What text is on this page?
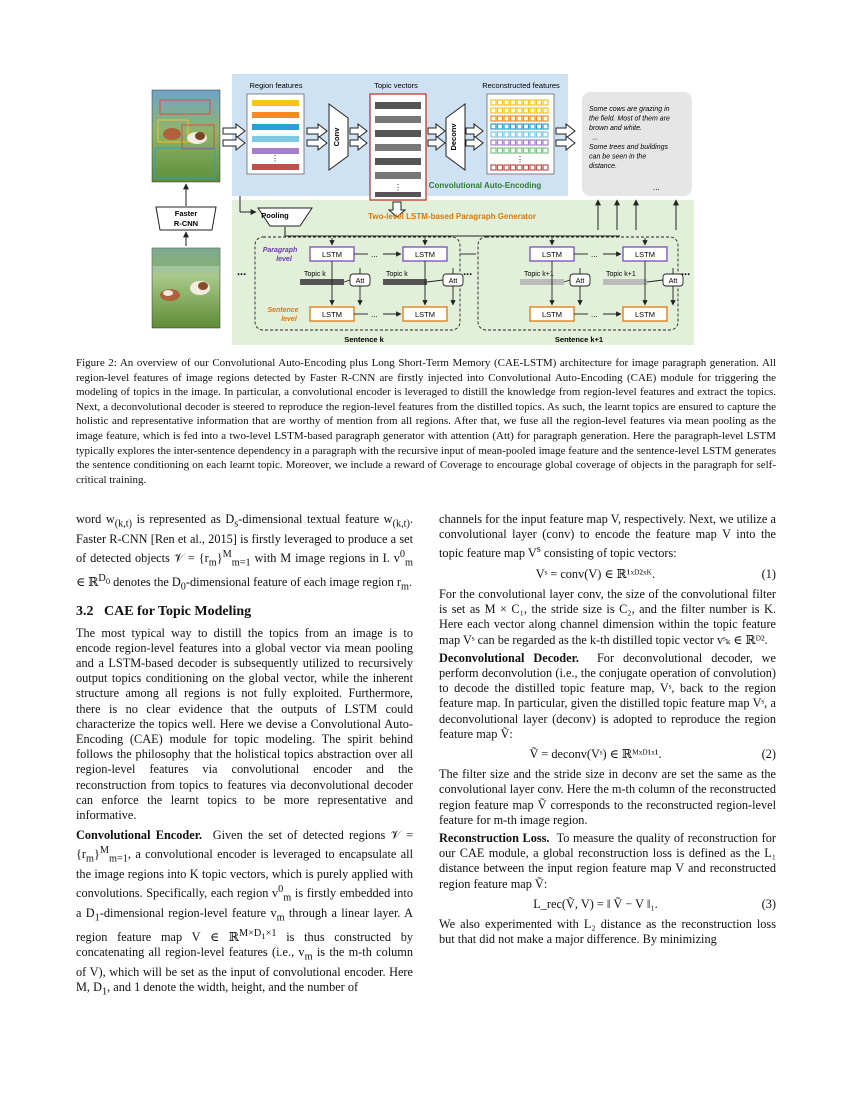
Faster
R-CNN
Region features
⋮
Conv
Topic vectors
⋮
Deconv
Reconstructed features
⋮
Convolutional Auto-Encoding
Pooling	Two-level LSTM-based Paragraph Generator
Sentence k	Sentence k+1
Paragraph
level
Sentence
level
LSTM	LSTM
...
Topic k	Topic k
Att	Att
LSTM	LSTM
...
LSTM	LSTM
...
Topic k+1	Topic k+1
Att	Att
LSTM	LSTM
...
...	...	...
Some cows are grazing in
the field. Most of them are
brown and white.
...
Some trees and buildings
can be seen in the
distance.
...
Figure 2: An overview of our Convolutional Auto-Encoding plus Long Short-Term Memory (CAE-LSTM) architecture for image paragraph generation. All region-level features of image regions detected by Faster R-CNN are firstly injected into Convolutional Auto-Encoding (CAE) module for triggering the modeling of topics in the image. In particular, a convolutional encoder is leveraged to distill the knowledge from region-level features and extract the topics. Next, a deconvolutional decoder is steered to reproduce the region-level features from the distilled topics. As such, the learnt topics are ensured to capture the holistic and representative information that are worthy of mention from all regions. After that, we fuse all the region-level features via mean pooling as the image feature, which is fed into a two-level LSTM-based paragraph generator with attention (Att) for paragraph generation. Here the paragraph-level LSTM typically explores the inter-sentence dependency in a paragraph with the recursive input of mean-pooled image feature and the sentence-level LSTM generates the sentence conditioning on each learnt topic. Moreover, we include a reward of Coverage to encourage global coverage of objects in the paragraph for self-critical training.

word $w_{(k,t)}$ is represented as $D_s$-dimensional textual feature $w_{(k,t)}$. Faster R-CNN [Ren et al., 2015] is firstly leveraged to produce a set of detected objects 𝒱 = $\{r_m\}^M_{m=1}$ with M image regions in I. $v^0_m$ ∈ ℝ$^{D_0}$ denotes the $D_0$-dimensional feature of each image region $r_m$.

3.2 CAE for Topic Modeling

The most typical way to distill the topics from an image is to encode region-level features into a global vector via mean pooling and a LSTM-based decoder is subsequently utilized to recursively output topics conditioning on the global vector, while the inherent structure among all regions is not fully exploited. Furthermore, there is no clear evidence that the outputs of LSTM could characterize the topics well. Here we devise a Convolutional Auto-Encoding (CAE) module for topic modeling. The spirit behind follows the philosophy that the holistical topics abstraction over all region-level features via convolutional encoder and the reconstruction from topics to features via deconvolutional decoder can enforce the learnt topics to be more representative and informative.

Convolutional Encoder. Given the set of detected regions 𝒱 = $\{r_m\}^M_{m=1}$, a convolutional encoder is leveraged to encapsulate all the image regions into K topic vectors, which is purely applied with convolutions. Specifically, each region $v^0_m$ is firstly embedded into a $D_1$-dimensional region-level feature $v_m$ through a linear layer. A region feature map V ∈ ℝ$^{M\times D_1\times 1}$ is thus constructed by concatenating all region-level features (i.e., $v_m$ is the m-th column of V), which will be set as the input of convolutional encoder. Here M, $D_1$, and 1 denote the width, height, and the number of

channels for the input feature map V, respectively. Next, we utilize a convolutional layer (conv) to encode the feature map V into the topic feature map $V^s$ consisting of topic vectors:

Vˢ = conv(V) ∈ ℝ¹ˣᴰ²ˣᴷ.	(1)

For the convolutional layer conv, the size of the convolutional filter is set as M × C₁, the stride size is C₂, and the filter number is K. Here each vector along channel dimension within the topic feature map Vˢ can be regarded as the k-th distilled topic vector vˢₖ ∈ ℝᴰ².

Deconvolutional Decoder. For deconvolutional decoder, we perform deconvolution (i.e., the conjugate operation of convolution) to decode the distilled topic feature map, Vˢ, back to the region feature map. In particular, given the distilled topic feature map Vˢ, a deconvolutional layer (deconv) is adopted to reproduce the region feature map Ṽ:

Ṽ = deconv(Vˢ) ∈ ℝᴹˣᴰ¹ˣ¹.	(2)

The filter size and the stride size in deconv are set the same as the convolutional layer conv. Here the m-th column of the reconstructed region feature map Ṽ corresponds to the reconstructed region-level feature for m-th image region.

Reconstruction Loss. To measure the quality of reconstruction for our CAE module, a global reconstruction loss is defined as the L₁ distance between the input region feature map V and reconstructed region feature map Ṽ:

L_rec(Ṽ, V) = ‖ Ṽ − V ‖₁.	(3)

We also experimented with L₂ distance as the reconstruction loss but that did not make a major difference. By minimizing
